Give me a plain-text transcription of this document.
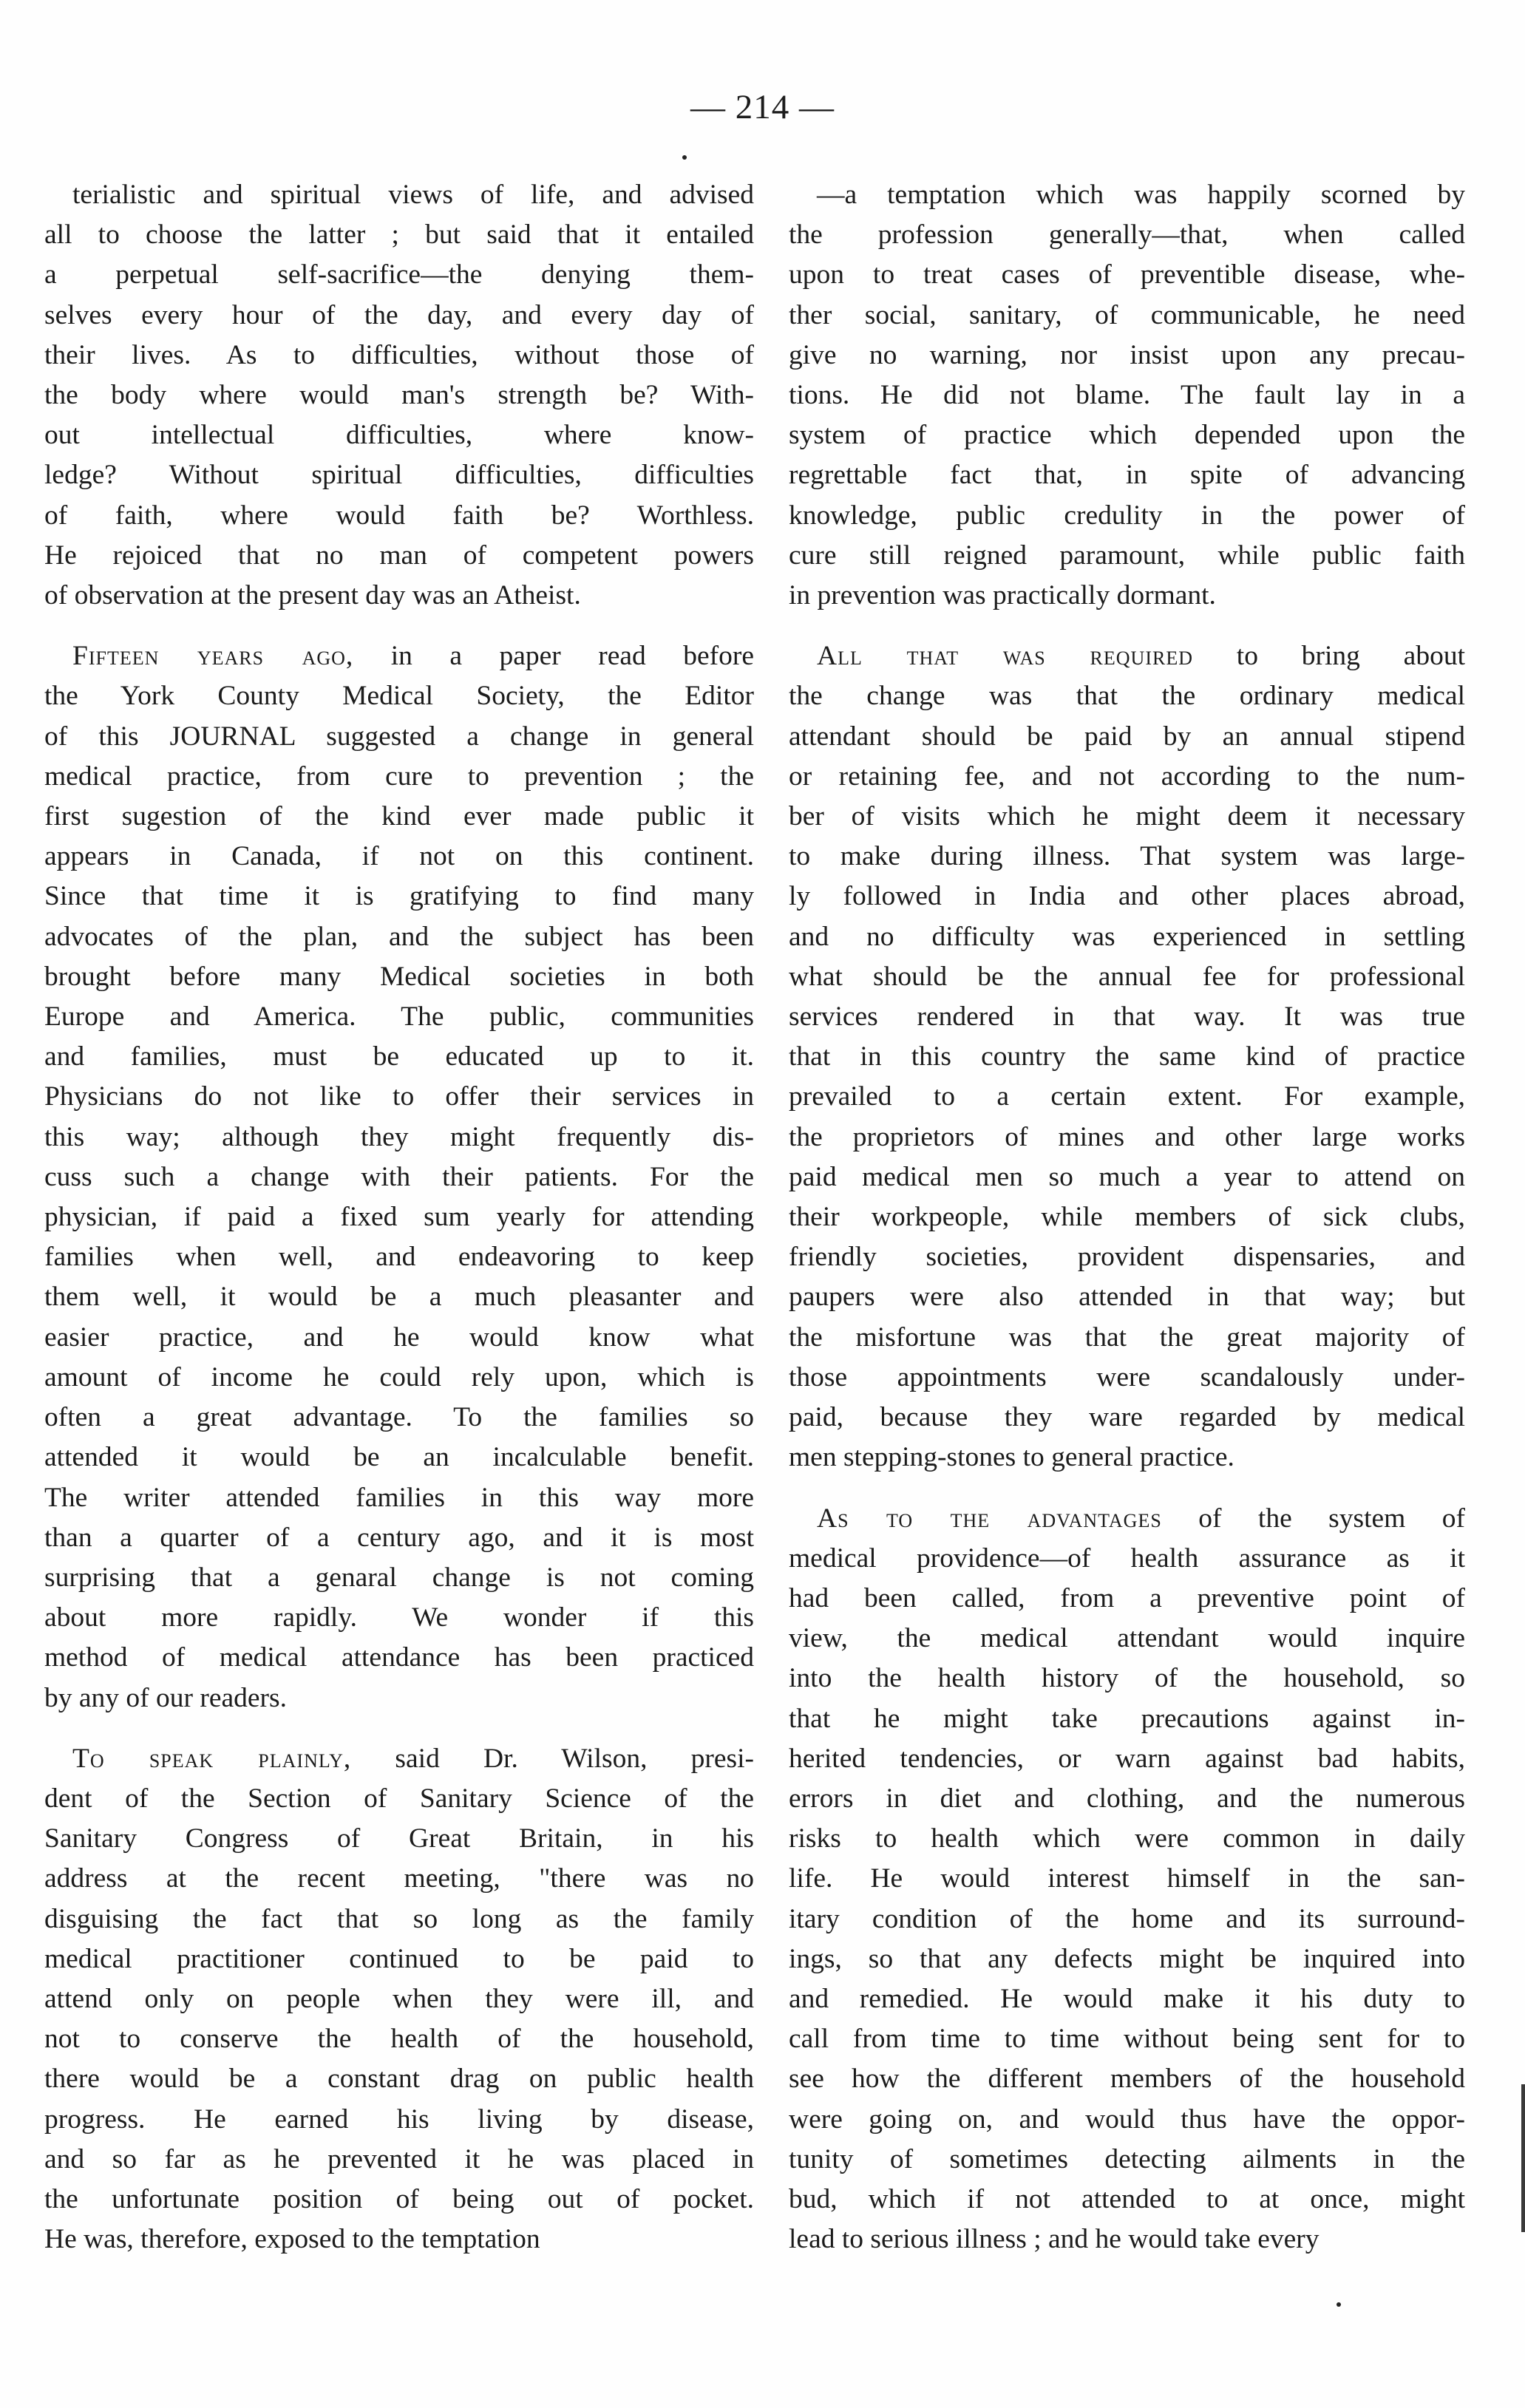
— 214 —
terialistic and spiritual views of life, and advised
all to choose the latter ; but said that it entailed
a perpetual self-sacrifice—the denying them-
selves every hour of the day, and every day of
their lives. As to difficulties, without those of
the body where would man's strength be? With-
out intellectual difficulties, where know-
ledge? Without spiritual difficulties, difficulties
of faith, where would faith be? Worthless.
He rejoiced that no man of competent powers
of observation at the present day was an Atheist.
Fifteen years ago, in a paper read before
the York County Medical Society, the Editor
of this JOURNAL suggested a change in general
medical practice, from cure to prevention ; the
first sugestion of the kind ever made public it
appears in Canada, if not on this continent.
Since that time it is gratifying to find many
advocates of the plan, and the subject has been
brought before many Medical societies in both
Europe and America. The public, communities
and families, must be educated up to it.
Physicians do not like to offer their services in
this way; although they might frequently dis-
cuss such a change with their patients. For the
physician, if paid a fixed sum yearly for attending
families when well, and endeavoring to keep
them well, it would be a much pleasanter and
easier practice, and he would know what
amount of income he could rely upon, which is
often a great advantage. To the families so
attended it would be an incalculable benefit.
The writer attended families in this way more
than a quarter of a century ago, and it is most
surprising that a genaral change is not coming
about more rapidly. We wonder if this
method of medical attendance has been practiced
by any of our readers.
To speak plainly, said Dr. Wilson, presi-
dent of the Section of Sanitary Science of the
Sanitary Congress of Great Britain, in his
address at the recent meeting, "there was no
disguising the fact that so long as the family
medical practitioner continued to be paid to
attend only on people when they were ill, and
not to conserve the health of the household,
there would be a constant drag on public health
progress. He earned his living by disease,
and so far as he prevented it he was placed in
the unfortunate position of being out of pocket.
He was, therefore, exposed to the temptation
—a temptation which was happily scorned by
the profession generally—that, when called
upon to treat cases of preventible disease, whe-
ther social, sanitary, of communicable, he need
give no warning, nor insist upon any precau-
tions. He did not blame. The fault lay in a
system of practice which depended upon the
regrettable fact that, in spite of advancing
knowledge, public credulity in the power of
cure still reigned paramount, while public faith
in prevention was practically dormant.
All that was required to bring about
the change was that the ordinary medical
attendant should be paid by an annual stipend
or retaining fee, and not according to the num-
ber of visits which he might deem it necessary
to make during illness. That system was large-
ly followed in India and other places abroad,
and no difficulty was experienced in settling
what should be the annual fee for professional
services rendered in that way. It was true
that in this country the same kind of practice
prevailed to a certain extent. For example,
the proprietors of mines and other large works
paid medical men so much a year to attend on
their workpeople, while members of sick clubs,
friendly societies, provident dispensaries, and
paupers were also attended in that way; but
the misfortune was that the great majority of
those appointments were scandalously under-
paid, because they ware regarded by medical
men stepping-stones to general practice.
As to the advantages of the system of
medical providence—of health assurance as it
had been called, from a preventive point of
view, the medical attendant would inquire
into the health history of the household, so
that he might take precautions against in-
herited tendencies, or warn against bad habits,
errors in diet and clothing, and the numerous
risks to health which were common in daily
life. He would interest himself in the san-
itary condition of the home and its surround-
ings, so that any defects might be inquired into
and remedied. He would make it his duty to
call from time to time without being sent for to
see how the different members of the household
were going on, and would thus have the oppor-
tunity of sometimes detecting ailments in the
bud, which if not attended to at once, might
lead to serious illness ; and he would take every
